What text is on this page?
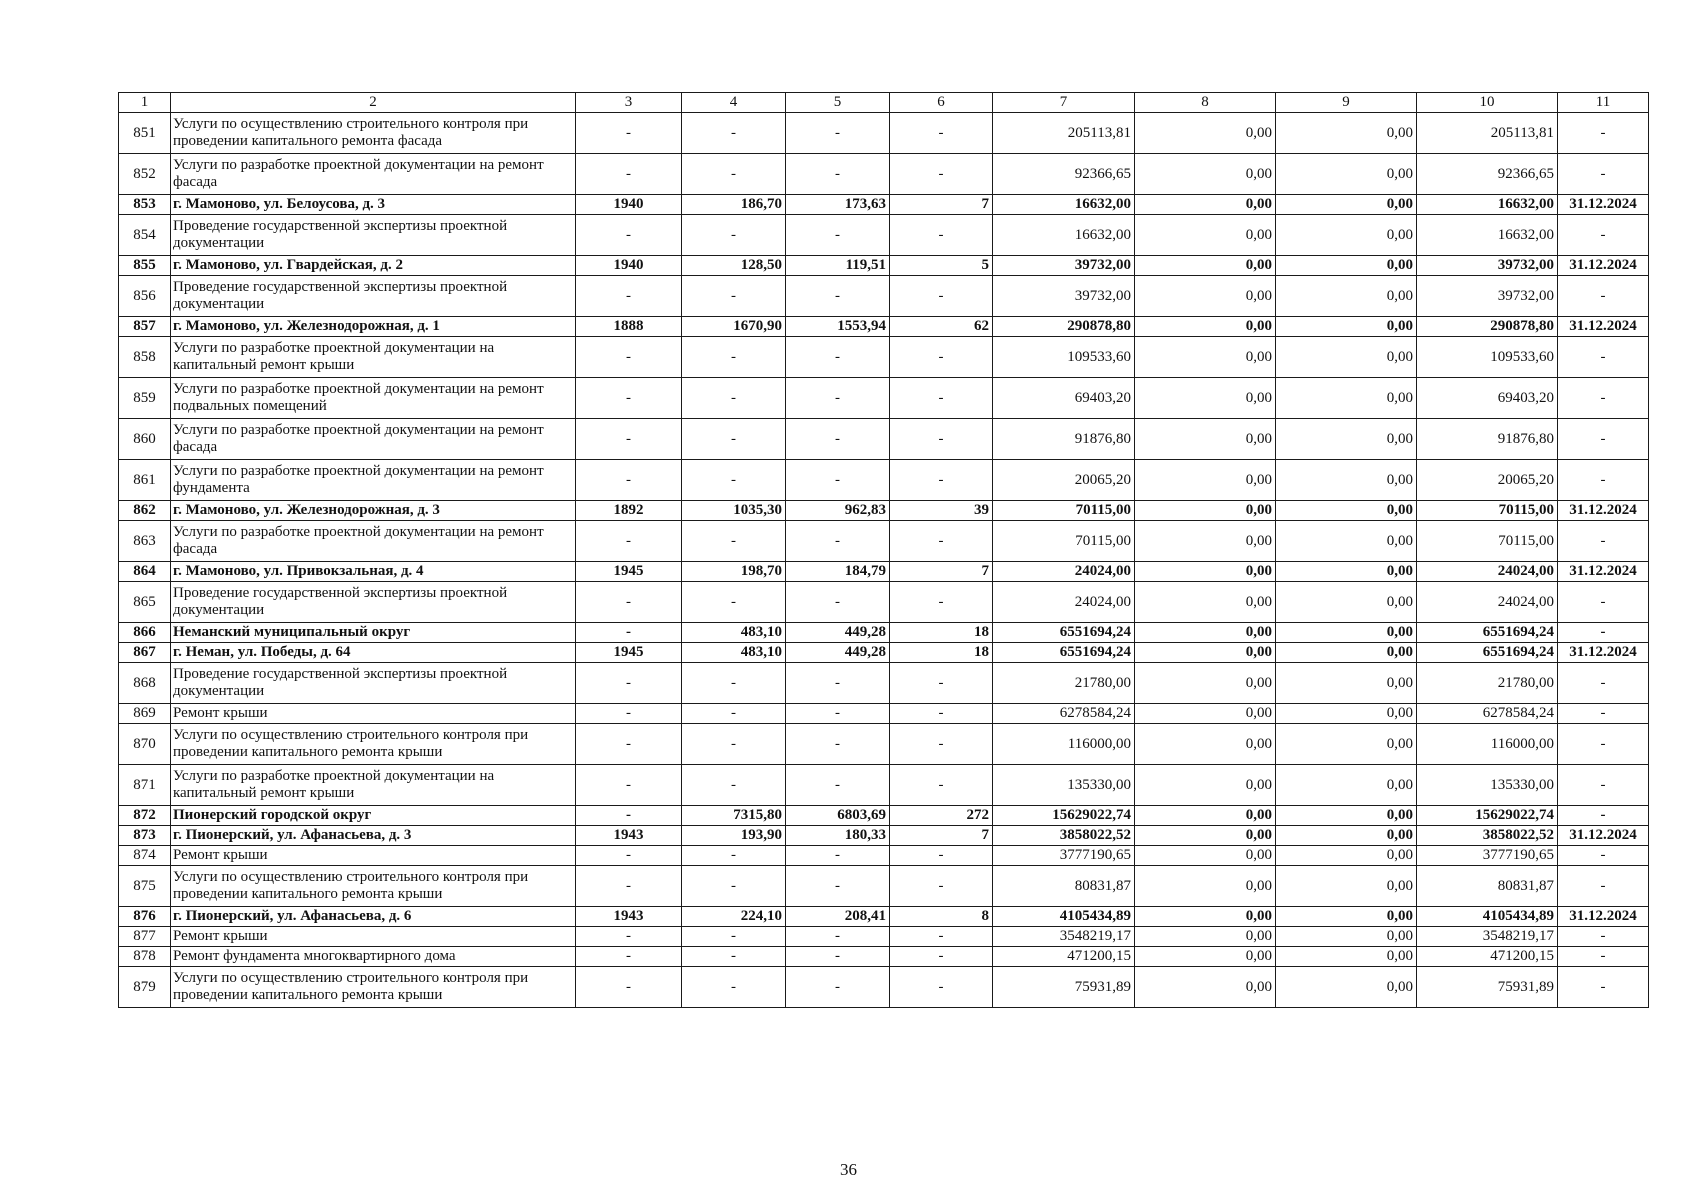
1	2	3	4	5	6	7	8	9	10	11
851	Услуги по осуществлению строительного контроля при проведении капитального ремонта фасада	-	-	-	-	205113,81	0,00	0,00	205113,81	-
852	Услуги по разработке проектной документации на ремонт фасада	-	-	-	-	92366,65	0,00	0,00	92366,65	-
853	г. Мамоново, ул. Белоусова, д. 3	1940	186,70	173,63	7	16632,00	0,00	0,00	16632,00	31.12.2024
854	Проведение государственной экспертизы проектной документации	-	-	-	-	16632,00	0,00	0,00	16632,00	-
855	г. Мамоново, ул. Гвардейская, д. 2	1940	128,50	119,51	5	39732,00	0,00	0,00	39732,00	31.12.2024
856	Проведение государственной экспертизы проектной документации	-	-	-	-	39732,00	0,00	0,00	39732,00	-
857	г. Мамоново, ул. Железнодорожная, д. 1	1888	1670,90	1553,94	62	290878,80	0,00	0,00	290878,80	31.12.2024
858	Услуги по разработке проектной документации на капитальный ремонт крыши	-	-	-	-	109533,60	0,00	0,00	109533,60	-
859	Услуги по разработке проектной документации на ремонт подвальных помещений	-	-	-	-	69403,20	0,00	0,00	69403,20	-
860	Услуги по разработке проектной документации на ремонт фасада	-	-	-	-	91876,80	0,00	0,00	91876,80	-
861	Услуги по разработке проектной документации на ремонт фундамента	-	-	-	-	20065,20	0,00	0,00	20065,20	-
862	г. Мамоново, ул. Железнодорожная, д. 3	1892	1035,30	962,83	39	70115,00	0,00	0,00	70115,00	31.12.2024
863	Услуги по разработке проектной документации на ремонт фасада	-	-	-	-	70115,00	0,00	0,00	70115,00	-
864	г. Мамоново, ул. Привокзальная, д. 4	1945	198,70	184,79	7	24024,00	0,00	0,00	24024,00	31.12.2024
865	Проведение государственной экспертизы проектной документации	-	-	-	-	24024,00	0,00	0,00	24024,00	-
866	Неманский муниципальный округ	-	483,10	449,28	18	6551694,24	0,00	0,00	6551694,24	-
867	г. Неман, ул. Победы, д. 64	1945	483,10	449,28	18	6551694,24	0,00	0,00	6551694,24	31.12.2024
868	Проведение государственной экспертизы проектной документации	-	-	-	-	21780,00	0,00	0,00	21780,00	-
869	Ремонт крыши	-	-	-	-	6278584,24	0,00	0,00	6278584,24	-
870	Услуги по осуществлению строительного контроля при проведении капитального ремонта крыши	-	-	-	-	116000,00	0,00	0,00	116000,00	-
871	Услуги по разработке проектной документации на капитальный ремонт крыши	-	-	-	-	135330,00	0,00	0,00	135330,00	-
872	Пионерский городской округ	-	7315,80	6803,69	272	15629022,74	0,00	0,00	15629022,74	-
873	г. Пионерский, ул. Афанасьева, д. 3	1943	193,90	180,33	7	3858022,52	0,00	0,00	3858022,52	31.12.2024
874	Ремонт крыши	-	-	-	-	3777190,65	0,00	0,00	3777190,65	-
875	Услуги по осуществлению строительного контроля при проведении капитального ремонта крыши	-	-	-	-	80831,87	0,00	0,00	80831,87	-
876	г. Пионерский, ул. Афанасьева, д. 6	1943	224,10	208,41	8	4105434,89	0,00	0,00	4105434,89	31.12.2024
877	Ремонт крыши	-	-	-	-	3548219,17	0,00	0,00	3548219,17	-
878	Ремонт фундамента многоквартирного дома	-	-	-	-	471200,15	0,00	0,00	471200,15	-
879	Услуги по осуществлению строительного контроля при проведении капитального ремонта крыши	-	-	-	-	75931,89	0,00	0,00	75931,89	-
36
